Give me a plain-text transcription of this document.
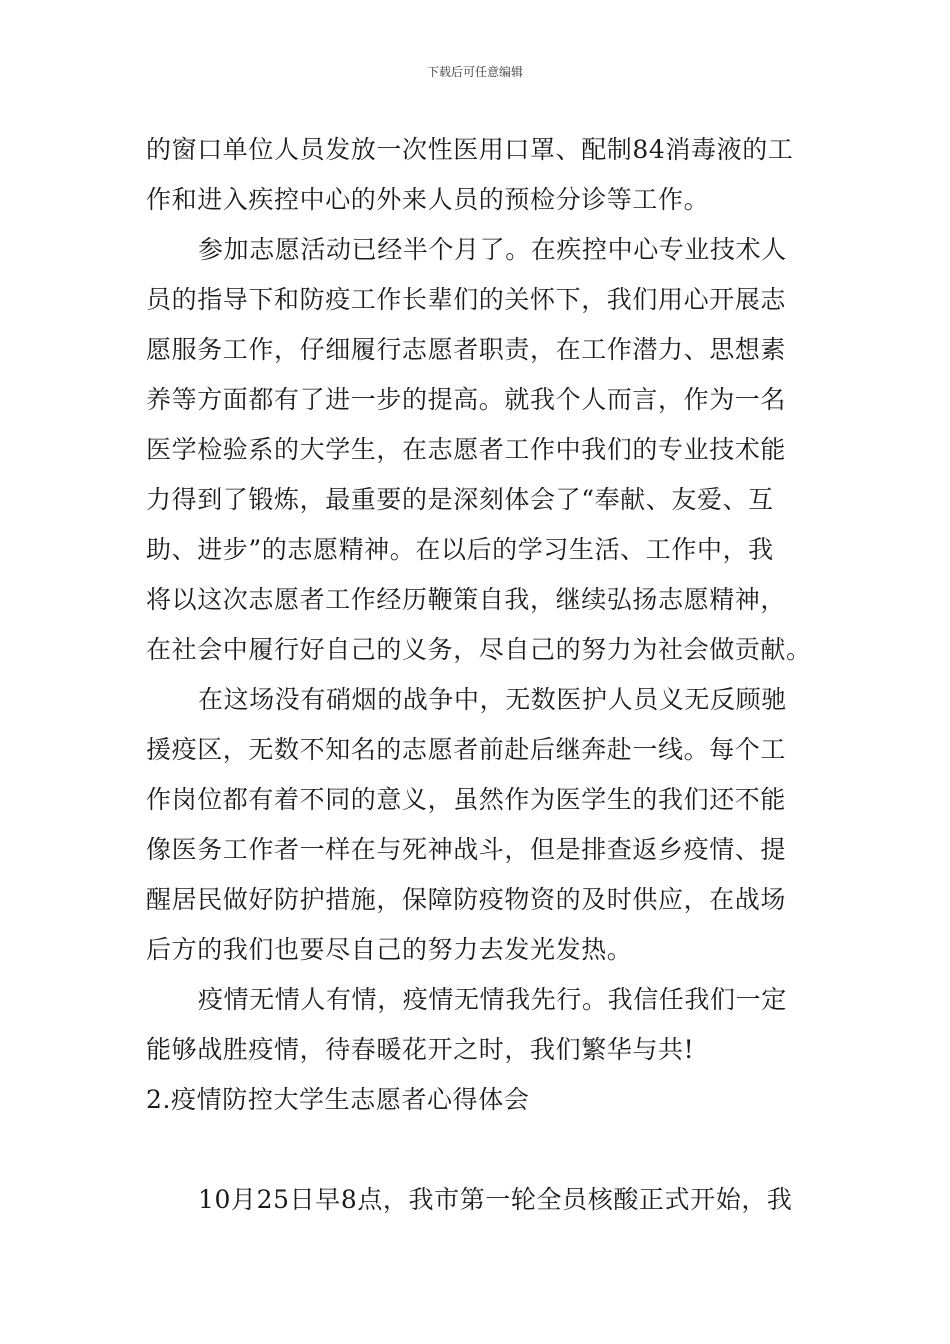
下载后可任意编辑
的窗口单位人员发放一次性医用口罩、配制84消毒液的工
作和进入疾控中心的外来人员的预检分诊等工作。
参加志愿活动已经半个月了。在疾控中心专业技术人
员的指导下和防疫工作长辈们的关怀下，我们用心开展志
愿服务工作，仔细履行志愿者职责，在工作潜力、思想素
养等方面都有了进一步的提高。就我个人而言，作为一名
医学检验系的大学生，在志愿者工作中我们的专业技术能
力得到了锻炼，最重要的是深刻体会了“奉献、友爱、互
助、进步”的志愿精神。在以后的学习生活、工作中，我
将以这次志愿者工作经历鞭策自我，继续弘扬志愿精神，
在社会中履行好自己的义务，尽自己的努力为社会做贡献。
在这场没有硝烟的战争中，无数医护人员义无反顾驰
援疫区，无数不知名的志愿者前赴后继奔赴一线。每个工
作岗位都有着不同的意义，虽然作为医学生的我们还不能
像医务工作者一样在与死神战斗，但是排查返乡疫情、提
醒居民做好防护措施，保障防疫物资的及时供应，在战场
后方的我们也要尽自己的努力去发光发热。
疫情无情人有情，疫情无情我先行。我信任我们一定
能够战胜疫情，待春暖花开之时，我们繁华与共!
2.疫情防控大学生志愿者心得体会
10月25日早8点，我市第一轮全员核酸正式开始，我
